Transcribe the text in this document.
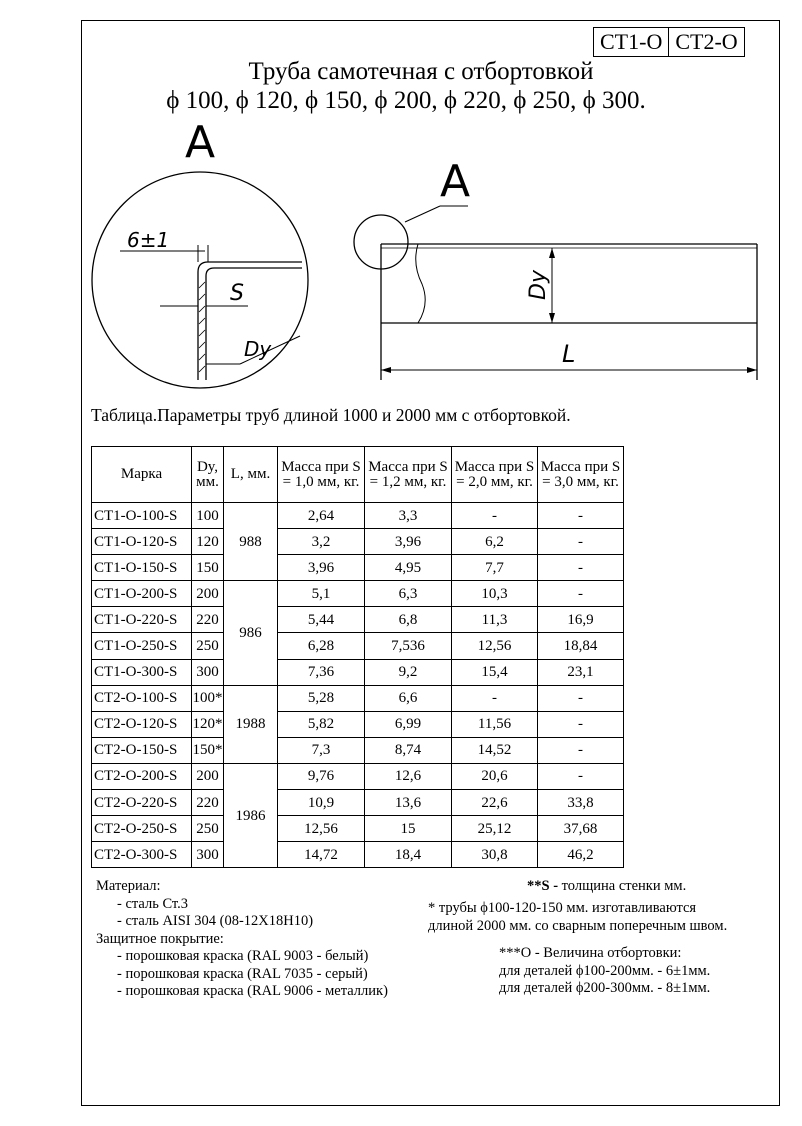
CT1-O CT2-O
Труба самотечная с отбортовкой
ϕ 100, ϕ 120, ϕ 150, ϕ 200, ϕ 220, ϕ 250, ϕ 300.
A
A
6±1
S
Dy
Dy
L
Таблица.Параметры труб длиной 1000 и 2000 мм с отбортовкой.
Марка	Dy, мм.	L, мм.	Масса при S = 1,0 мм, кг.	Масса при S = 1,2 мм, кг.	Масса при S = 2,0 мм, кг.	Масса при S = 3,0 мм, кг.
CT1-O-100-S	100	988	2,64	3,3	-	-
CT1-O-120-S	120		3,2	3,96	6,2	-
CT1-O-150-S	150		3,96	4,95	7,7	-
CT1-O-200-S	200	986	5,1	6,3	10,3	-
CT1-O-220-S	220		5,44	6,8	11,3	16,9
CT1-O-250-S	250		6,28	7,536	12,56	18,84
CT1-O-300-S	300		7,36	9,2	15,4	23,1
CT2-O-100-S	100*	1988	5,28	6,6	-	-
CT2-O-120-S	120*		5,82	6,99	11,56	-
CT2-O-150-S	150*		7,3	8,74	14,52	-
CT2-O-200-S	200	1986	9,76	12,6	20,6	-
CT2-O-220-S	220		10,9	13,6	22,6	33,8
CT2-O-250-S	250		12,56	15	25,12	37,68
CT2-O-300-S	300		14,72	18,4	30,8	46,2
Материал:
- сталь Ст.3
- сталь AISI 304 (08-12Х18Н10)
Защитное покрытие:
- порошковая краска (RAL 9003 - белый)
- порошковая краска (RAL 7035 - серый)
- порошковая краска (RAL 9006 - металлик)
**S - толщина стенки мм.
* трубы ϕ100-120-150 мм. изготавливаются
длиной 2000 мм. со сварным поперечным швом.
***O - Величина отбортовки:
для деталей ϕ100-200мм. - 6±1мм.
для деталей ϕ200-300мм. - 8±1мм.
